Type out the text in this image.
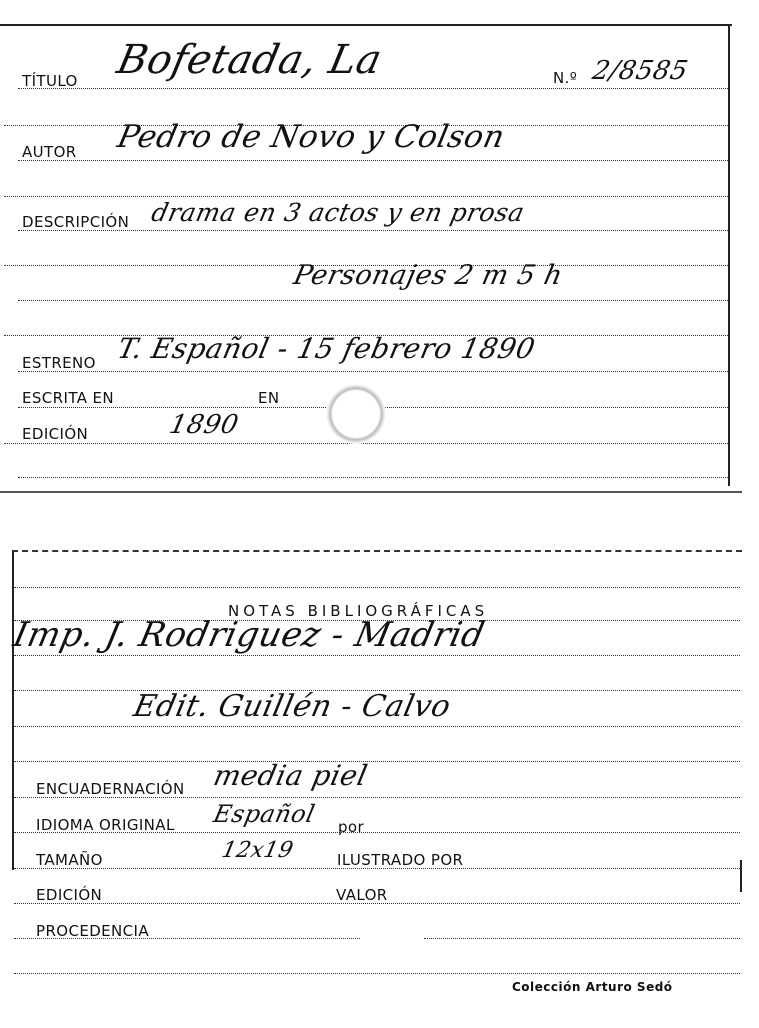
TÍTULO Bofetada, La	N.º 2/8585
AUTOR Pedro de Novo y Colson
DESCRIPCIÓN drama en 3 actos y en prosa
Personajes 2 m 5 h
ESTRENO T. Español - 15 febrero 1890
ESCRITA EN	EN
EDICIÓN	1890
NOTAS BIBLIOGRÁFICAS
Imp. J. Rodriguez - Madrid
Edit. Guillén - Calvo
ENCUADERNACIÓN media piel
IDIOMA ORIGINAL Español por
TAMAÑO	12x19	ILUSTRADO POR
EDICIÓN	VALOR
PROCEDENCIA
Colección Arturo Sedó
